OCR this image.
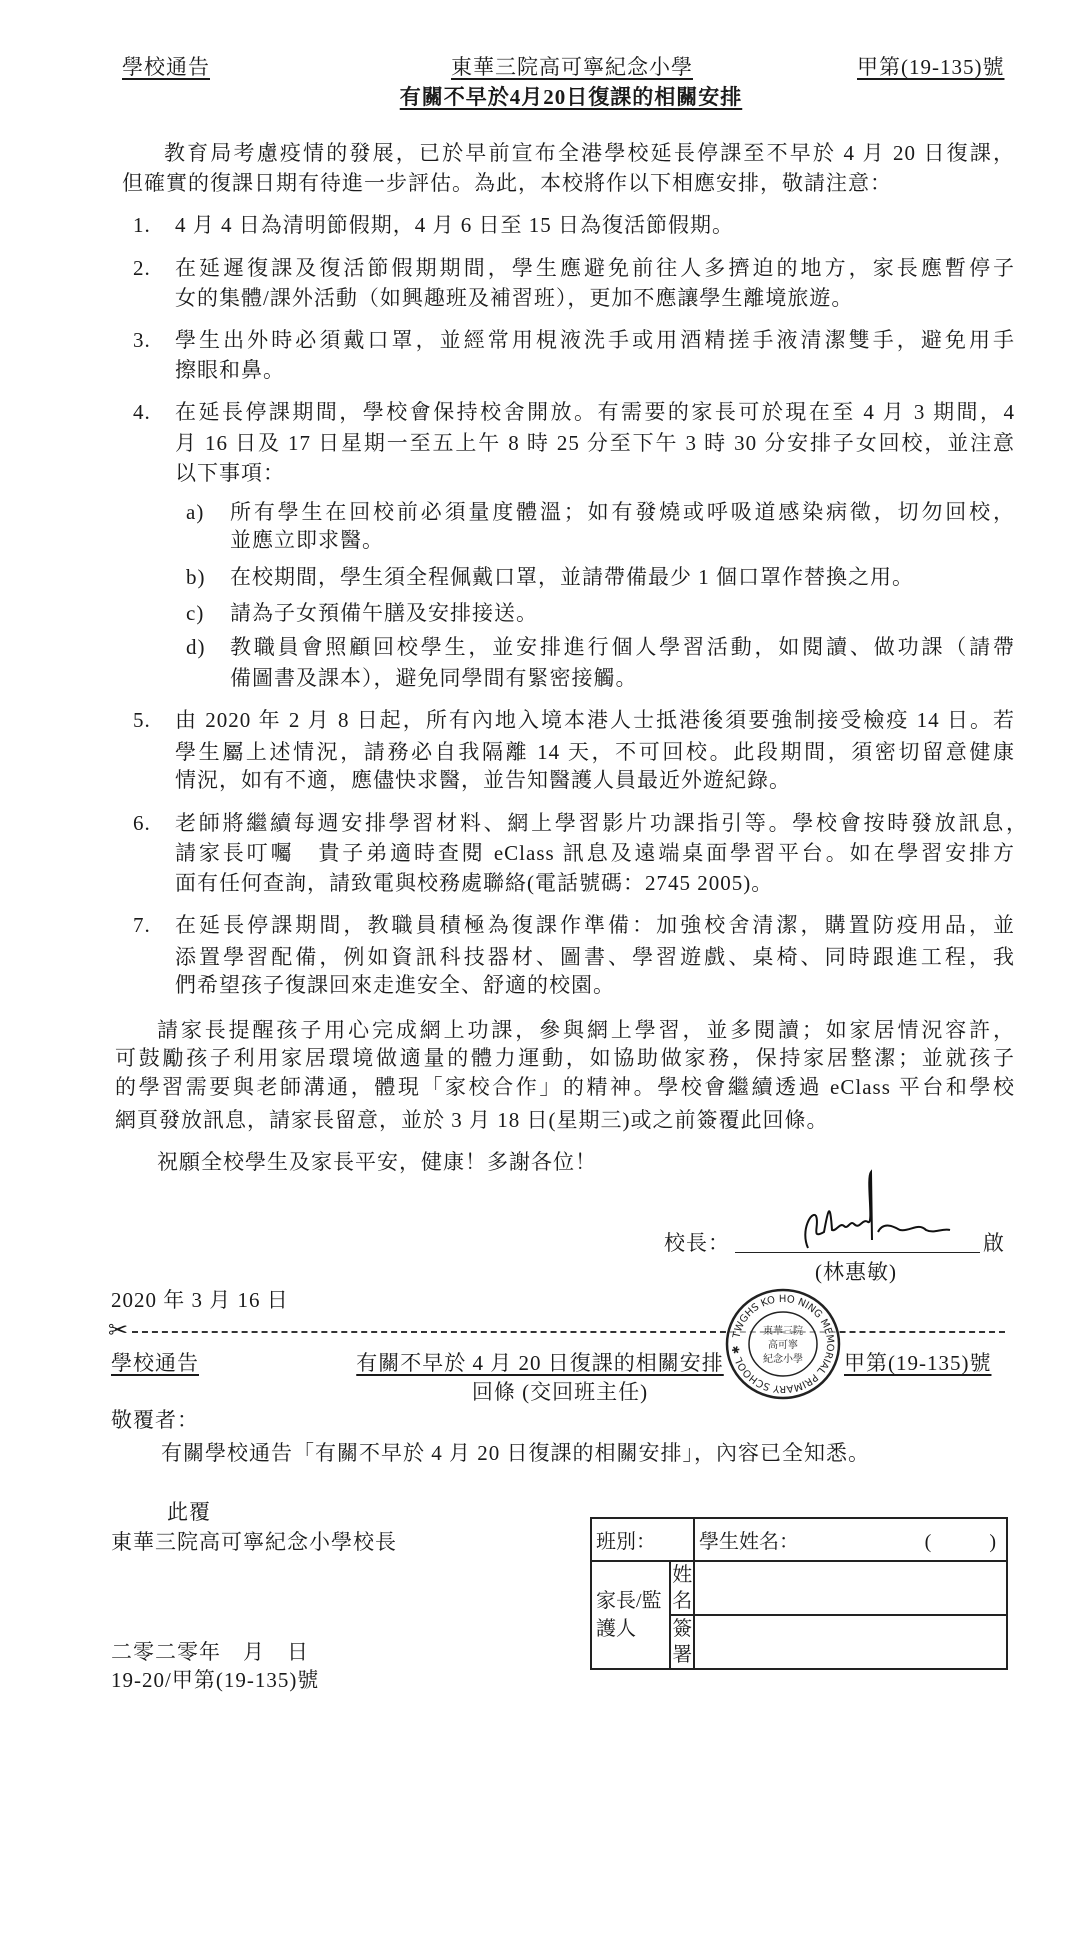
學校通告	東華三院高可寧紀念小學	甲第(19-135)號
有關不早於4月20日復課的相關安排
教育局考慮疫情的發展，已於早前宣布全港學校延長停課至不早於 4 月 20 日復課，
但確實的復課日期有待進一步評估。為此，本校將作以下相應安排，敬請注意：
1. 4 月 4 日為清明節假期，4 月 6 日至 15 日為復活節假期。
2. 在延遲復課及復活節假期期間，學生應避免前往人多擠迫的地方，家長應暫停子
女的集體/課外活動（如興趣班及補習班），更加不應讓學生離境旅遊。
3. 學生出外時必須戴口罩，並經常用梘液洗手或用酒精搓手液清潔雙手，避免用手
擦眼和鼻。
4. 在延長停課期間，學校會保持校舍開放。有需要的家長可於現在至 4 月 3 期間，4
月 16 日及 17 日星期一至五上午 8 時 25 分至下午 3 時 30 分安排子女回校，並注意
以下事項：
a) 所有學生在回校前必須量度體溫；如有發燒或呼吸道感染病徵，切勿回校，
並應立即求醫。
b) 在校期間，學生須全程佩戴口罩，並請帶備最少 1 個口罩作替換之用。
c) 請為子女預備午膳及安排接送。
d) 教職員會照顧回校學生，並安排進行個人學習活動，如閱讀、做功課（請帶
備圖書及課本），避免同學間有緊密接觸。
5. 由 2020 年 2 月 8 日起，所有內地入境本港人士抵港後須要強制接受檢疫 14 日。若
學生屬上述情況，請務必自我隔離 14 天，不可回校。此段期間，須密切留意健康
情況，如有不適，應儘快求醫，並告知醫護人員最近外遊紀錄。
6. 老師將繼續每週安排學習材料、網上學習影片功課指引等。學校會按時發放訊息，
請家長叮囑　貴子弟適時查閱 eClass 訊息及遠端桌面學習平台。如在學習安排方
面有任何查詢，請致電與校務處聯絡(電話號碼：2745 2005)。
7. 在延長停課期間，教職員積極為復課作準備：加強校舍清潔，購置防疫用品，並
添置學習配備，例如資訊科技器材、圖書、學習遊戲、桌椅、同時跟進工程，我
們希望孩子復課回來走進安全、舒適的校園。
請家長提醒孩子用心完成網上功課，參與網上學習，並多閱讀；如家居情況容許，
可鼓勵孩子利用家居環境做適量的體力運動，如協助做家務，保持家居整潔；並就孩子
的學習需要與老師溝通，體現「家校合作」的精神。學校會繼續透過 eClass 平台和學校
網頁發放訊息，請家長留意，並於 3 月 18 日(星期三)或之前簽覆此回條。
祝願全校學生及家長平安，健康！多謝各位！
校長：	啟
(林惠敏)
2020 年 3 月 16 日
✂
學校通告	有關不早於 4 月 20 日復課的相關安排	甲第(19-135)號
回條 (交回班主任)
TWGHS KO HO NING MEMORIAL PRIMARY SCHOOL ✱
東華三院
高可寧
紀念小學
敬覆者：
有關學校通告「有關不早於 4 月 20 日復課的相關安排」，內容已全知悉。
此覆
東華三院高可寧紀念小學校長
二零二零年　月　日
19-20/甲第(19-135)號
班別：		學生姓名： (　　)

家長/監護人	姓名	
	簽署	
